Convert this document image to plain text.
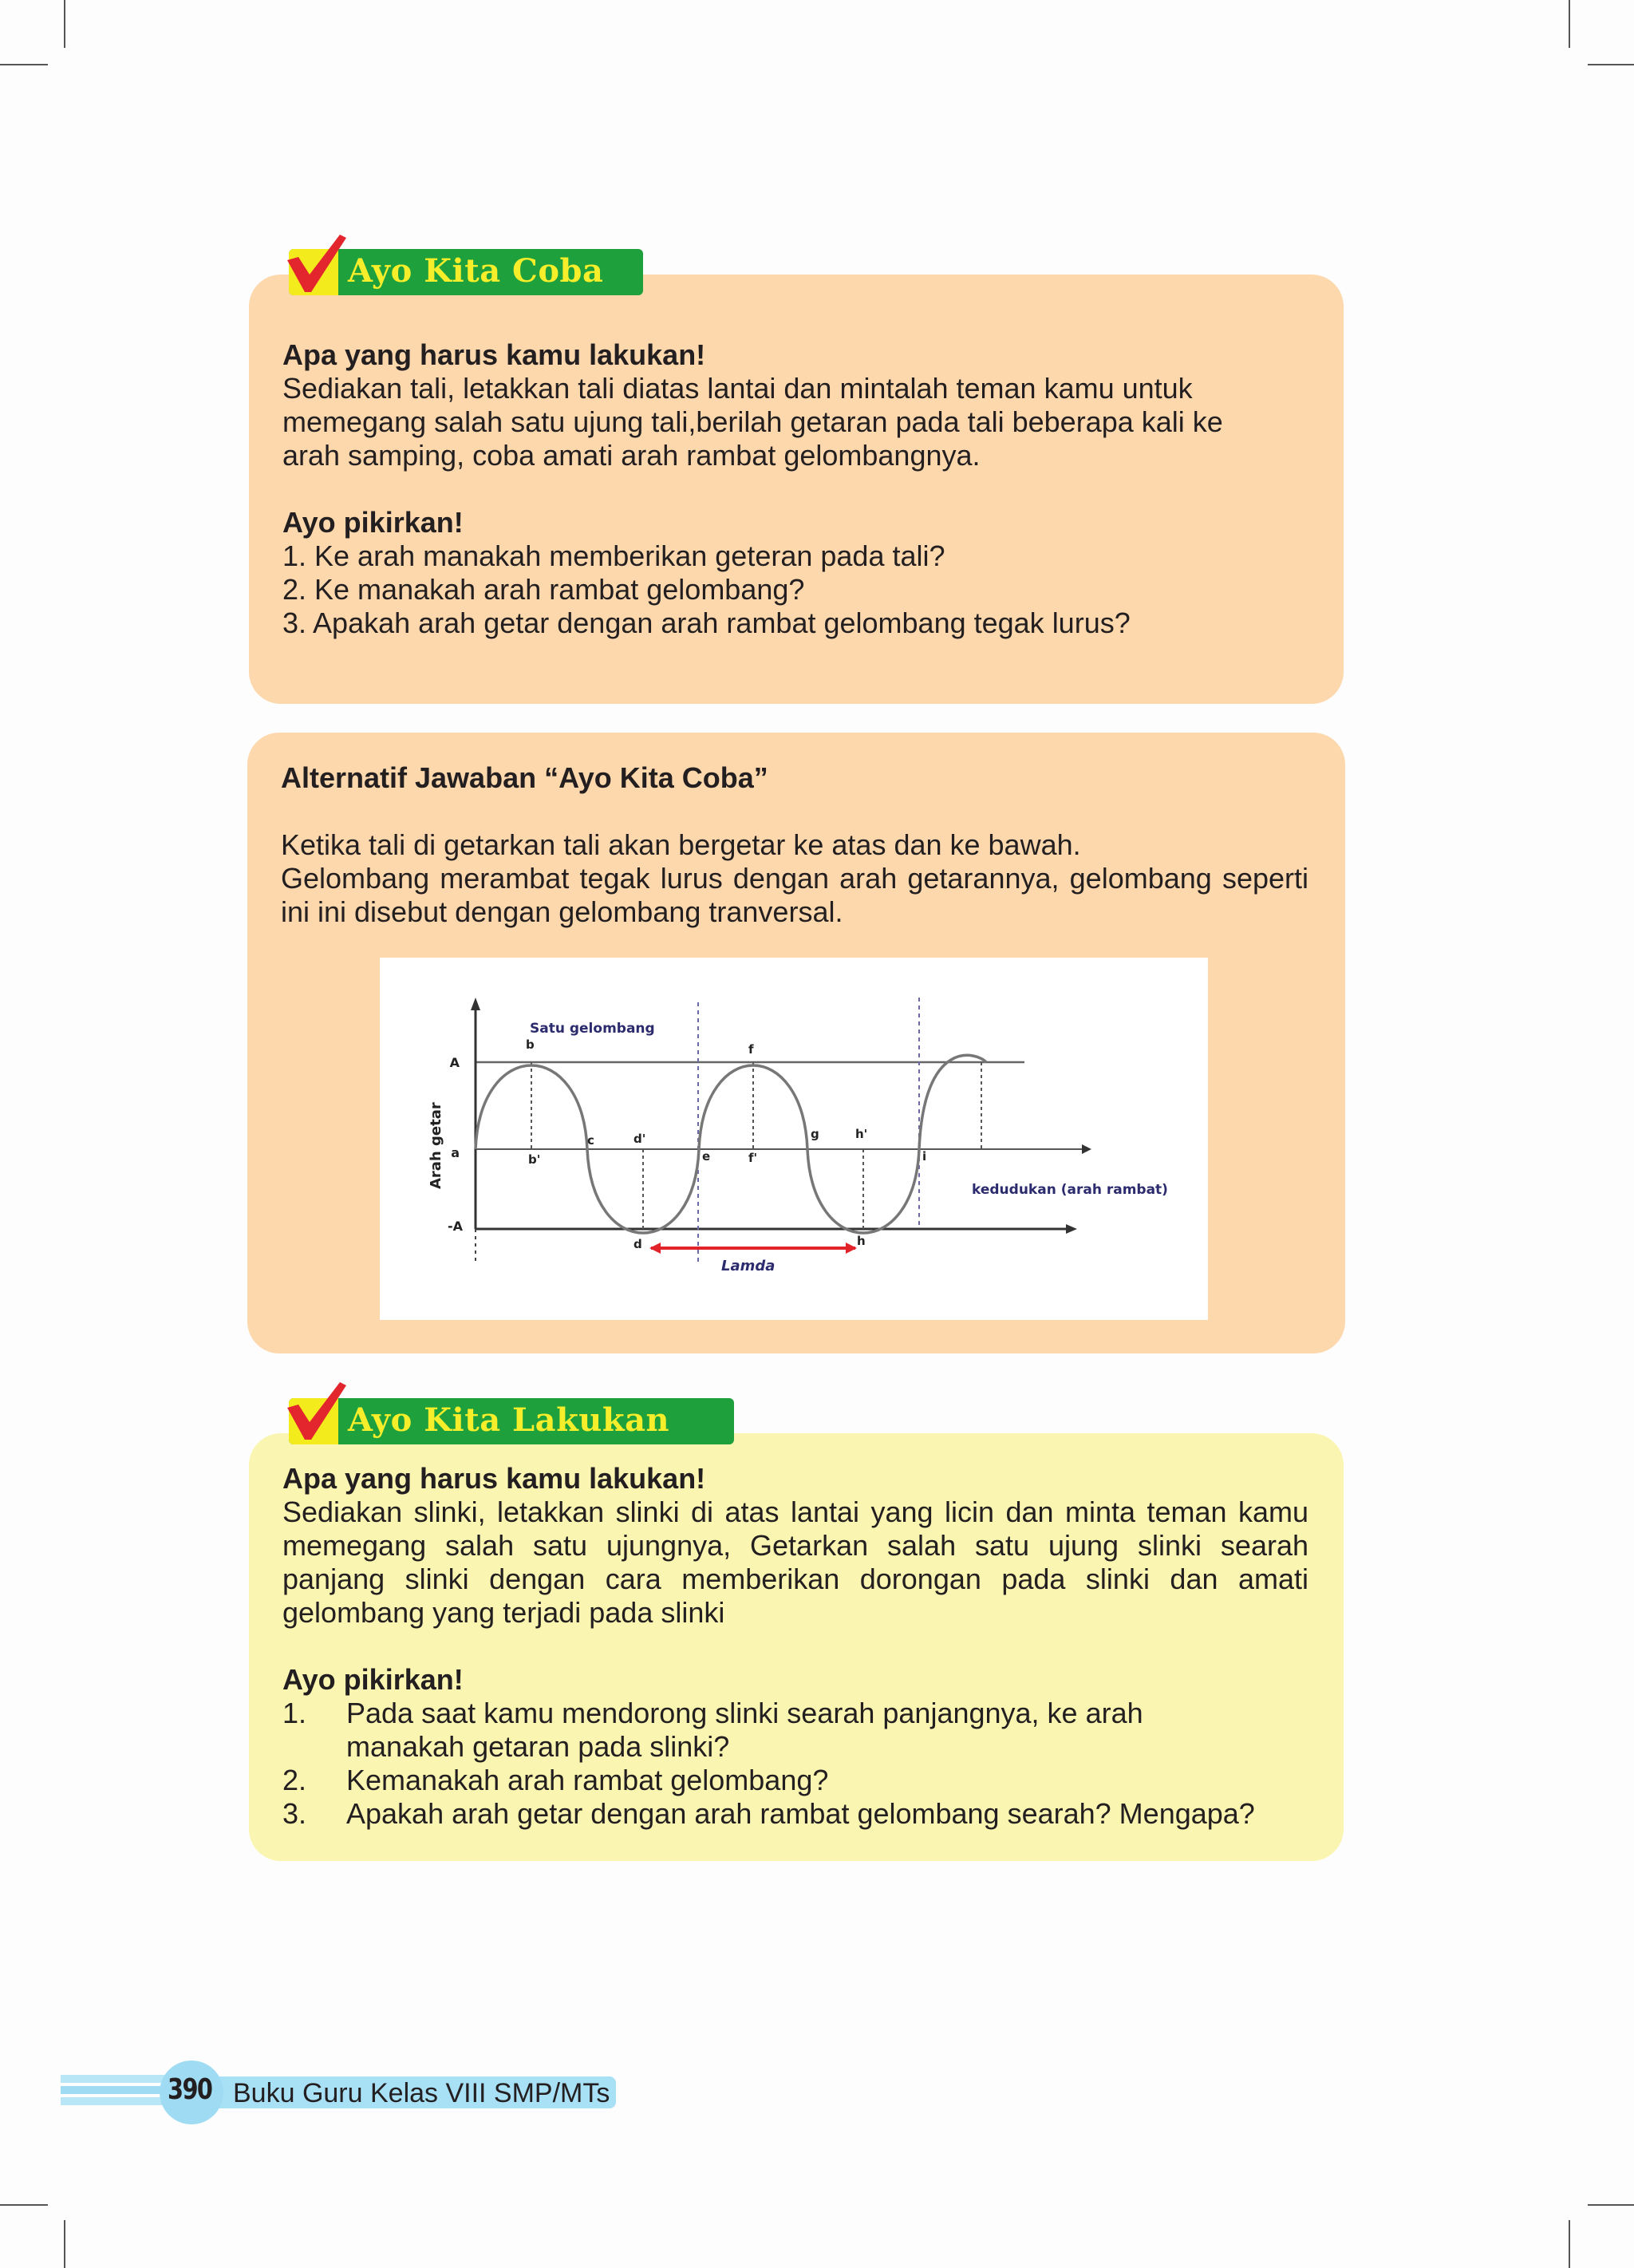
Ayo Kita Coba

Apa yang harus kamu lakukan!

Sediakan tali, letakkan tali diatas lantai dan mintalah teman kamu untuk

memegang salah satu ujung tali,berilah getaran pada tali beberapa kali ke

arah samping, coba amati arah rambat gelombangnya.

Ayo pikirkan!

1. Ke arah manakah memberikan geteran pada tali?

2. Ke manakah arah rambat gelombang?

3. Apakah arah getar dengan arah rambat gelombang tegak lurus?

Alternatif Jawaban “Ayo Kita Coba”

Ketika tali di getarkan tali akan bergetar ke atas dan ke bawah.

Gelombang merambat tegak lurus dengan arah getarannya, gelombang seperti ini ini disebut dengan gelombang tranversal.

Satu gelombang
A
a
-A
Arah getar
kedudukan (arah rambat)
Lamda
b
b'
c
d
d'
e
f
f'
g
h
h'
i
Ayo Kita Lakukan

Apa yang harus kamu lakukan!

Sediakan slinki, letakkan slinki di atas lantai yang licin dan minta teman kamu memegang salah satu ujungnya, Getarkan salah satu ujung slinki searah panjang slinki dengan cara memberikan dorongan pada slinki dan amati gelombang yang terjadi pada slinki

Ayo pikirkan!

1.	Pada saat kamu mendorong slinki searah panjangnya, ke arah manakah getaran pada slinki?
2.	Kemanakah arah rambat gelombang?
3.	Apakah arah getar dengan arah rambat gelombang searah? Mengapa?
390 Buku Guru Kelas VIII SMP/MTs
